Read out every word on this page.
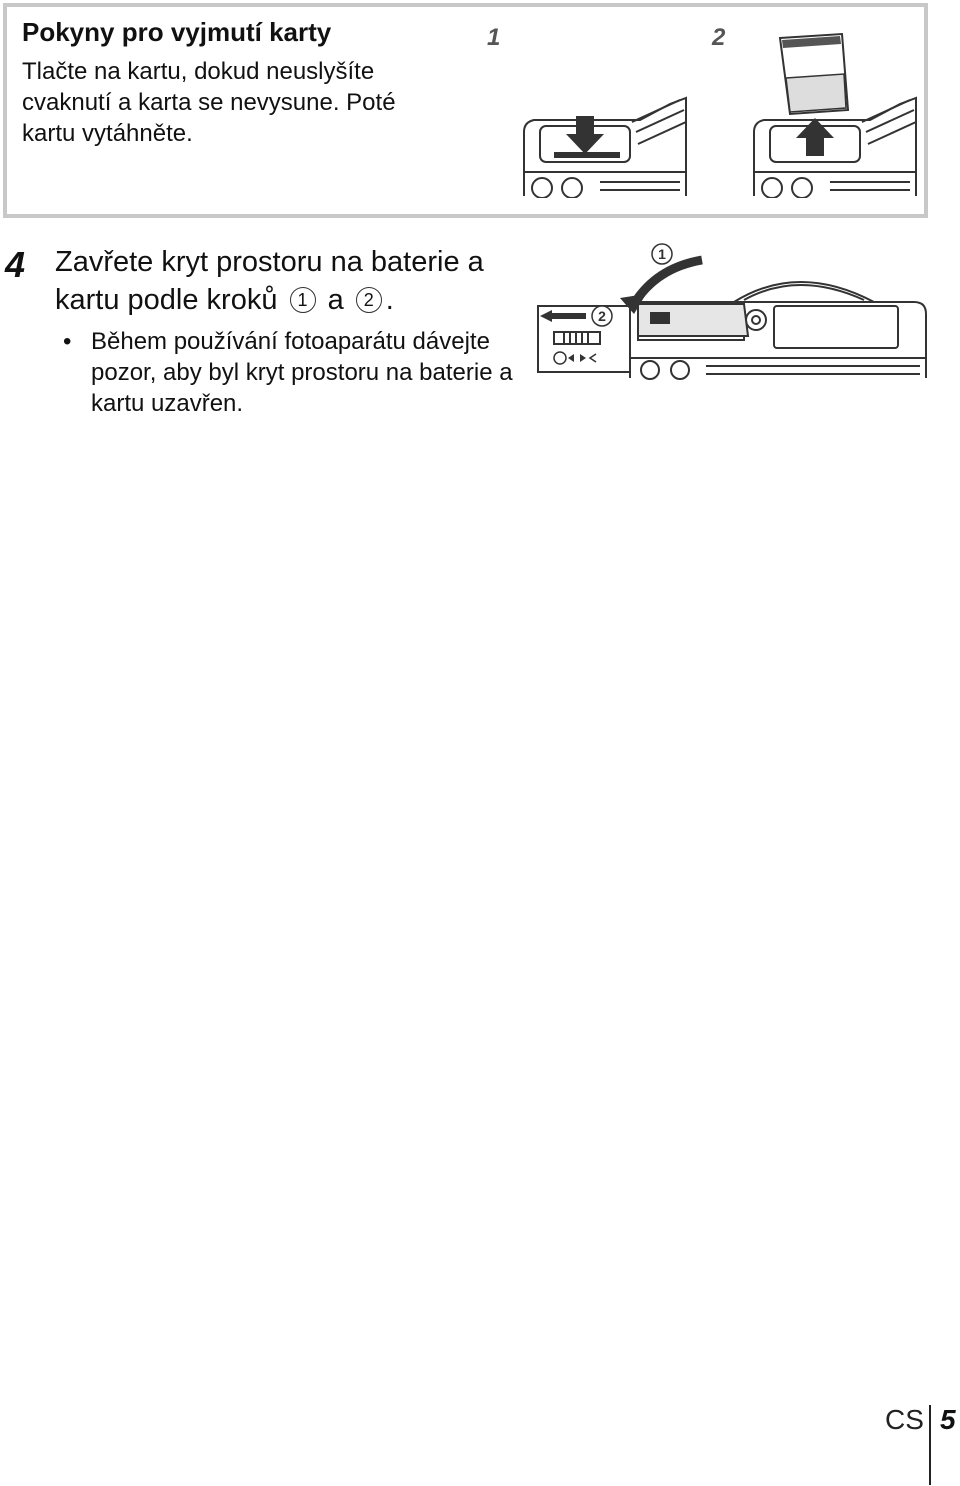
Pokyny pro vyjmutí karty
Tlačte na kartu, dokud neuslyšíte cvaknutí a karta se nevysune. Poté kartu vytáhněte.
1	2
4 Zavřete kryt prostoru na baterie a kartu podle kroků 1 a 2 .
• Během používání fotoaparátu dávejte pozor, aby byl kryt prostoru na baterie a kartu uzavřen.
1
2
CS 5
